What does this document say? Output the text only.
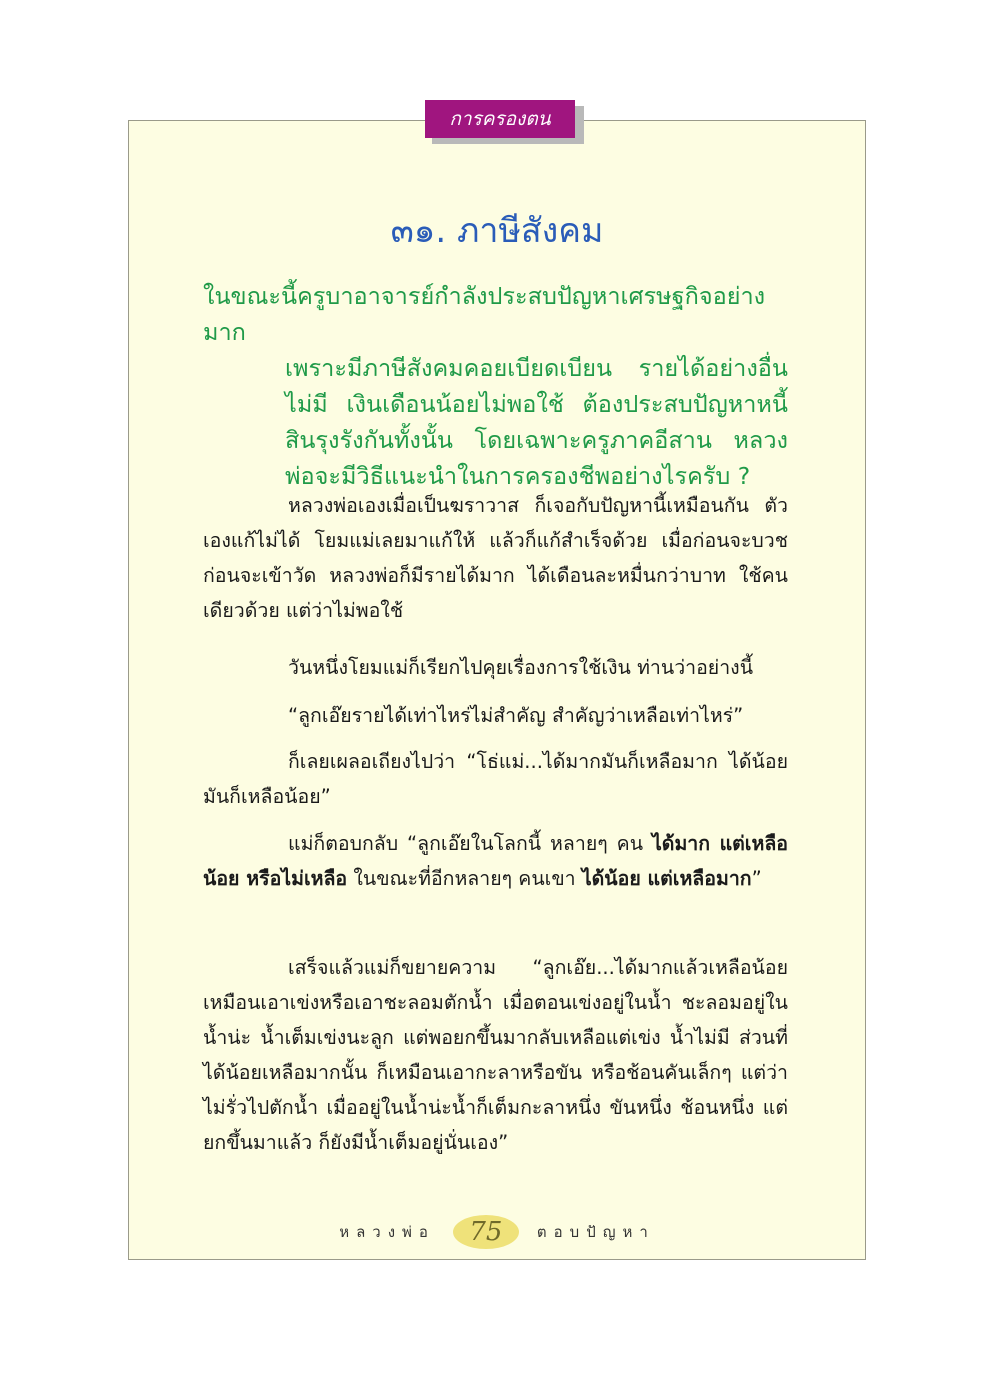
การครองตน
๓๑. ภาษีสังคม
ในขณะนี้ครูบาอาจารย์กำลังประสบปัญหาเศรษฐกิจอย่างมาก
เพราะมีภาษีสังคมคอยเบียดเบียน รายได้อย่างอื่นไม่มี เงินเดือนน้อยไม่พอใช้ ต้องประสบปัญหาหนี้สินรุงรังกันทั้งนั้น โดยเฉพาะครูภาคอีสาน หลวงพ่อจะมีวิธีแนะนำในการครองชีพอย่างไรครับ ?

หลวงพ่อเองเมื่อเป็นฆราวาส ก็เจอกับปัญหานี้เหมือนกัน ตัวเองแก้ไม่ได้ โยมแม่เลยมาแก้ให้ แล้วก็แก้สำเร็จด้วย เมื่อก่อนจะบวช ก่อนจะเข้าวัด หลวงพ่อก็มีรายได้มาก ได้เดือนละหมื่นกว่าบาท ใช้คนเดียวด้วย แต่ว่าไม่พอใช้

วันหนึ่งโยมแม่ก็เรียกไปคุยเรื่องการใช้เงิน ท่านว่าอย่างนี้

“ลูกเอ๊ยรายได้เท่าไหร่ไม่สำคัญ สำคัญว่าเหลือเท่าไหร่”

ก็เลยเผลอเถียงไปว่า “โธ่แม่...ได้มากมันก็เหลือมาก ได้น้อยมันก็เหลือน้อย”

แม่ก็ตอบกลับ “ลูกเอ๊ยในโลกนี้ หลายๆ คน ได้มาก แต่เหลือน้อย หรือไม่เหลือ ในขณะที่อีกหลายๆ คนเขา ได้น้อย แต่เหลือมาก”

เสร็จแล้วแม่ก็ขยายความ “ลูกเอ๊ย...ได้มากแล้วเหลือน้อยเหมือนเอาเข่งหรือเอาชะลอมตักน้ำ เมื่อตอนเข่งอยู่ในน้ำ ชะลอมอยู่ในน้ำน่ะ น้ำเต็มเข่งนะลูก แต่พอยกขึ้นมากลับเหลือแต่เข่ง น้ำไม่มี ส่วนที่ได้น้อยเหลือมากนั้น ก็เหมือนเอากะลาหรือขัน หรือช้อนคันเล็กๆ แต่ว่าไม่รั่วไปตักน้ำ เมื่ออยู่ในน้ำน่ะน้ำก็เต็มกะลาหนึ่ง ขันหนึ่ง ช้อนหนึ่ง แต่ยกขึ้นมาแล้ว ก็ยังมีน้ำเต็มอยู่นั่นเอง”

หลวงพ่อ	75	ตอบปัญหา
